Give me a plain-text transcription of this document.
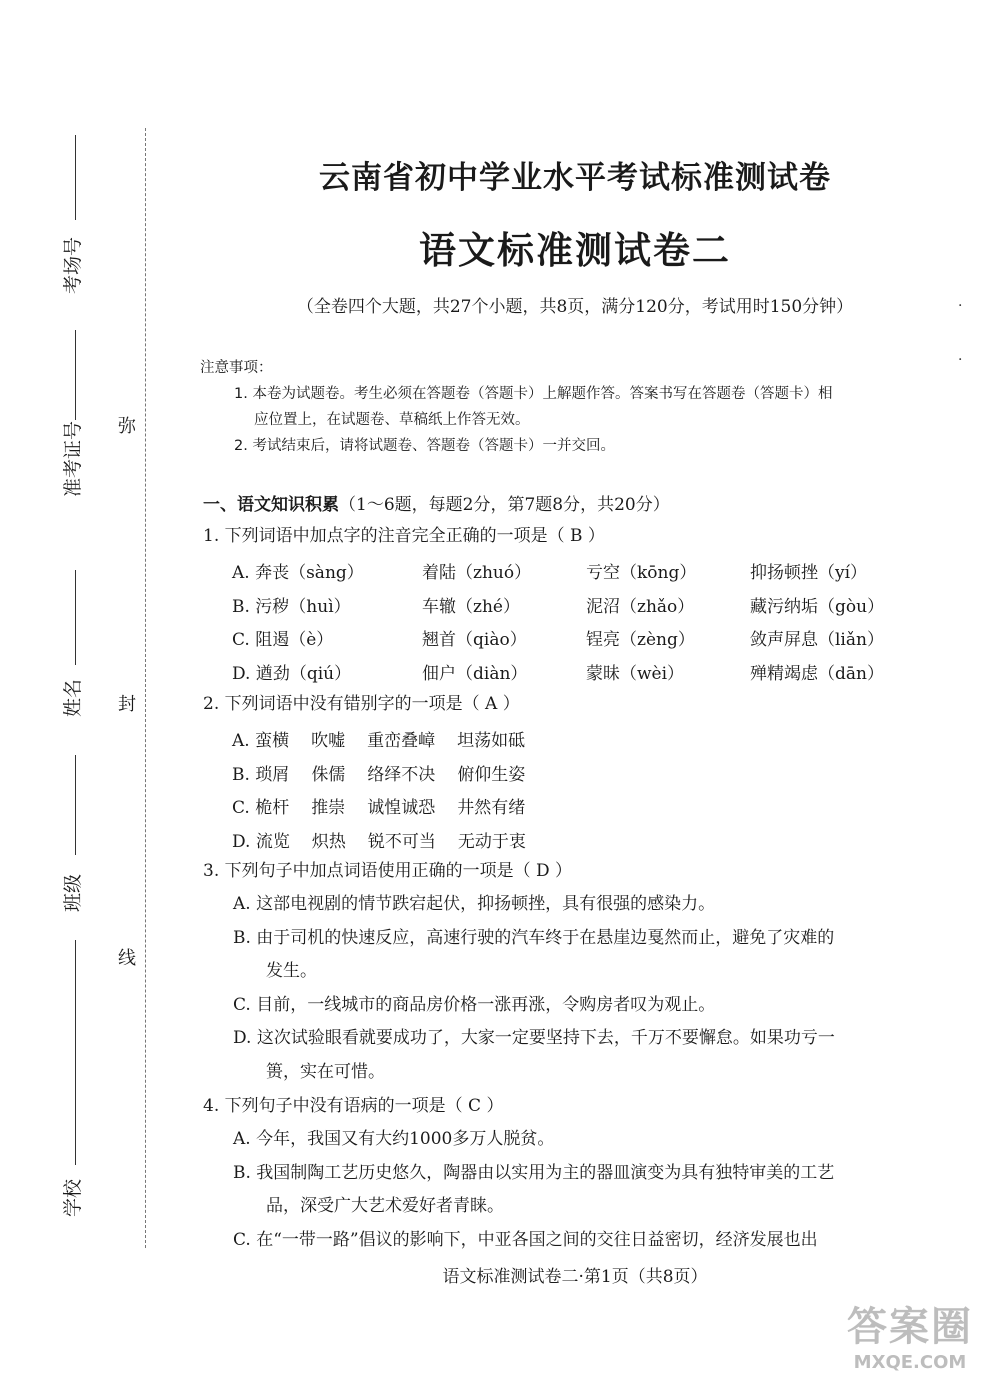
弥
封
线
考场号
准考证号
姓名
班级
学校
云南省初中学业水平考试标准测试卷
语文标准测试卷二
（全卷四个大题，共27个小题，共8页，满分120分，考试用时150分钟）	·
·
注意事项：
1. 本卷为试题卷。考生必须在答题卷（答题卡）上解题作答。答案书写在答题卷（答题卡）相
应位置上，在试题卷、草稿纸上作答无效。
2. 考试结束后，请将试题卷、答题卷（答题卡）一并交回。
一、语文知识积累（1～6题，每题2分，第7题8分，共20分）
1. 下列词语中加点字的注音完全正确的一项是（ B ）
A. 奔丧（sàng）	着陆（zhuó）	亏空（kōng）	抑扬顿挫（yí）
B. 污秽（huì）	车辙（zhé）	泥沼（zhǎo）	藏污纳垢（gòu）
C. 阻遏（è）	翘首（qiào）	锃亮（zèng）	敛声屏息（liǎn）
D. 遒劲（qiú）	佃户（diàn）	蒙昧（wèi）	殚精竭虑（dān）
2. 下列词语中没有错别字的一项是（ A ）
A. 蛮横 吹嘘 重峦叠嶂 坦荡如砥
B. 琐屑 侏儒 络绎不决 俯仰生姿
C. 桅杆 推崇 诚惶诚恐 井然有绪
D. 流览 炽热 锐不可当 无动于衷
3. 下列句子中加点词语使用正确的一项是（ D ）
A. 这部电视剧的情节跌宕起伏，抑扬顿挫，具有很强的感染力。
B. 由于司机的快速反应，高速行驶的汽车终于在悬崖边戛然而止，避免了灾难的
发生。
C. 目前，一线城市的商品房价格一涨再涨，令购房者叹为观止。
D. 这次试验眼看就要成功了，大家一定要坚持下去，千万不要懈怠。如果功亏一
篑，实在可惜。
4. 下列句子中没有语病的一项是（ C ）
A. 今年，我国又有大约1000多万人脱贫。
B. 我国制陶工艺历史悠久，陶器由以实用为主的器皿演变为具有独特审美的工艺
品，深受广大艺术爱好者青睐。
C. 在“一带一路”倡议的影响下，中亚各国之间的交往日益密切，经济发展也出
语文标准测试卷二·第1页（共8页）
答案圈
MXQE.COM
